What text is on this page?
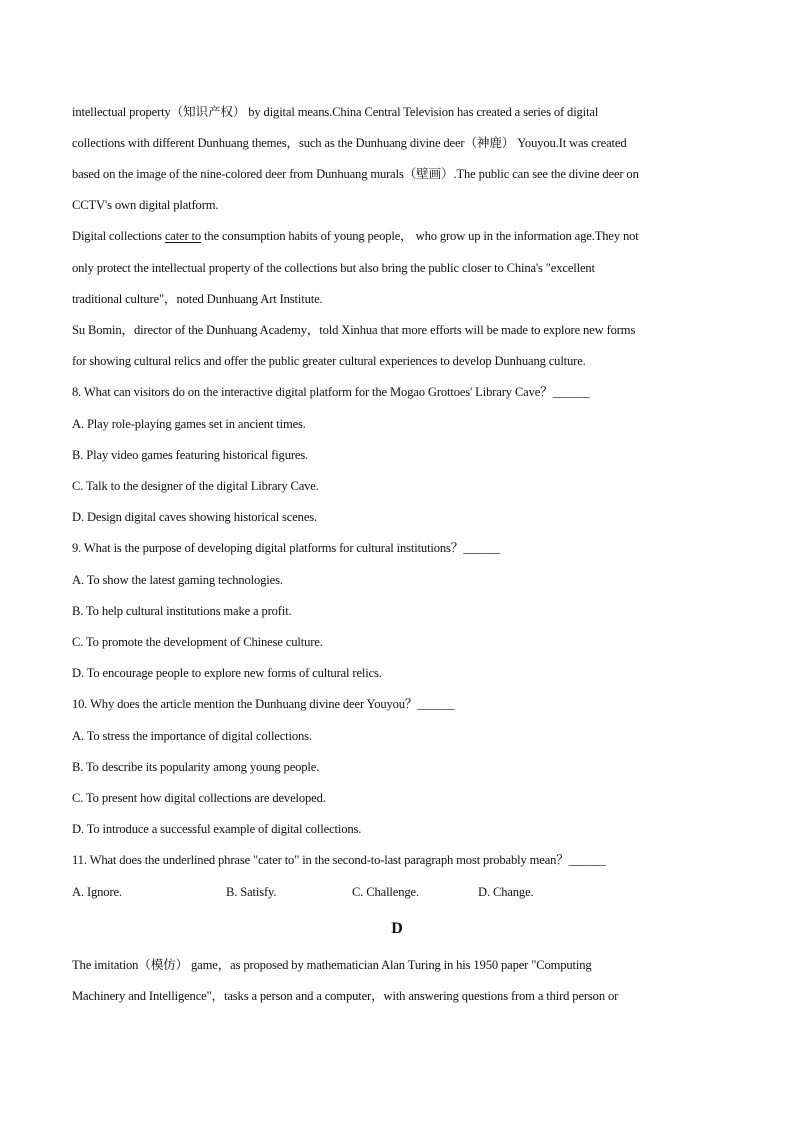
intellectual property（知识产权） by digital means.China Central Television has created a series of digital
collections with different Dunhuang themes，such as the Dunhuang divine deer（神鹿） Youyou.It was created
based on the image of the nine-colored deer from Dunhuang murals（壁画）.The public can see the divine deer on
CCTV's own digital platform.
Digital collections cater to the consumption habits of young people， who grow up in the information age.They not
only protect the intellectual property of the collections but also bring the public closer to China's "excellent
traditional culture"，noted Dunhuang Art Institute.
Su Bomin，director of the Dunhuang Academy，told Xinhua that more efforts will be made to explore new forms
for showing cultural relics and offer the public greater cultural experiences to develop Dunhuang culture.
8. What can visitors do on the interactive digital platform for the Mogao Grottoes' Library Cave？______
A. Play role-playing games set in ancient times.
B. Play video games featuring historical figures.
C. Talk to the designer of the digital Library Cave.
D. Design digital caves showing historical scenes.
9. What is the purpose of developing digital platforms for cultural institutions？______
A. To show the latest gaming technologies.
B. To help cultural institutions make a profit.
C. To promote the development of Chinese culture.
D. To encourage people to explore new forms of cultural relics.
10. Why does the article mention the Dunhuang divine deer Youyou？______
A. To stress the importance of digital collections.
B. To describe its popularity among young people.
C. To present how digital collections are developed.
D. To introduce a successful example of digital collections.
11. What does the underlined phrase "cater to" in the second-to-last paragraph most probably mean？______
A. Ignore.	B. Satisfy.	C. Challenge.	D. Change.
D
The imitation（模仿） game，as proposed by mathematician Alan Turing in his 1950 paper "Computing
Machinery and Intelligence"，tasks a person and a computer，with answering questions from a third person or
